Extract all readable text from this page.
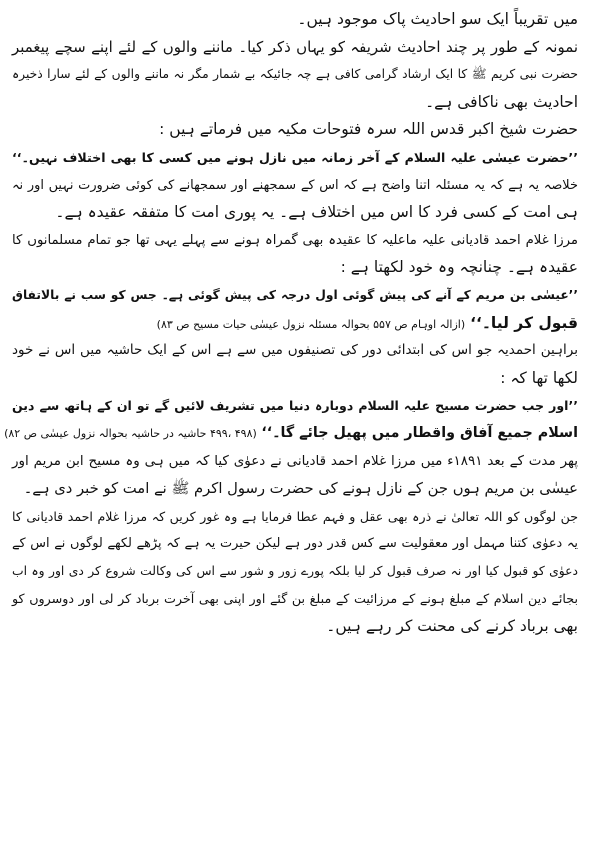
میں تقریباً ایک سو احادیث پاک موجود ہیں۔
نمونہ کے طور پر چند احادیث شریفہ کو یہاں ذکر کیا۔ ماننے والوں کے لئے اپنے سچے پیغمبر
حضرت نبی کریم ﷺ کا ایک ارشاد گرامی کافی ہے چہ جائیکہ بے شمار مگر نہ ماننے والوں کے لئے سارا ذخیرہ
احادیث بھی ناکافی ہے۔
حضرت شیخ اکبر قدس اللہ سرہ فتوحات مکیہ میں فرماتے ہیں :
’’حضرت عیسٰی علیہ السلام کے آخر زمانہ میں نازل ہونے میں کسی کا بھی اختلاف نہیں۔‘‘
خلاصہ یہ ہے کہ یہ مسئلہ اتنا واضح ہے کہ اس کے سمجھنے اور سمجھانے کی کوئی ضرورت نہیں اور نہ
ہی امت کے کسی فرد کا اس میں اختلاف ہے۔ یہ پوری امت کا متفقہ عقیدہ ہے۔
مرزا غلام احمد قادیانی علیہ ماعلیہ کا عقیدہ بھی گمراہ ہونے سے پہلے یہی تھا جو تمام مسلمانوں کا
عقیدہ ہے۔ چنانچہ وہ خود لکھتا ہے :
’’عیسٰی بن مریم کے آنے کی پیش گوئی اول درجہ کی پیش گوئی ہے۔ جس کو سب نے بالاتفاق
قبول کر لیا۔‘‘ (ازالہ اوہام ص ۵۵۷ بحوالہ مسئلہ نزول عیسٰی حیات مسیح ص ۸۳)
براہین احمدیہ جو اس کی ابتدائی دور کی تصنیفوں میں سے ہے اس کے ایک حاشیہ میں اس نے خود
لکھا تھا کہ :
’’اور جب حضرت مسیح علیہ السلام دوبارہ دنیا میں تشریف لائیں گے تو ان کے ہاتھ سے دین
اسلام جمیع آفاق واقطار میں پھیل جائے گا۔‘‘ (۴۹۸ ،۴۹۹ حاشیہ در حاشیہ بحوالہ نزول عیسٰی ص ۸۲)
پھر مدت کے بعد ۱۸۹۱ء میں مرزا غلام احمد قادیانی نے دعوٰی کیا کہ میں ہی وہ مسیح ابن مریم اور
عیسٰی بن مریم ہوں جن کے نازل ہونے کی حضرت رسول اکرم ﷺ نے امت کو خبر دی ہے۔
جن لوگوں کو اللہ تعالیٰ نے ذرہ بھی عقل و فہم عطا فرمایا ہے وہ غور کریں کہ مرزا غلام احمد قادیانی کا
یہ دعوٰی کتنا مہمل اور معقولیت سے کس قدر دور ہے لیکن حیرت یہ ہے کہ پڑھے لکھے لوگوں نے اس کے
دعوٰی کو قبول کیا اور نہ صرف قبول کر لیا بلکہ پورے زور و شور سے اس کی وکالت شروع کر دی اور وہ اب
بجائے دین اسلام کے مبلغ ہونے کے مرزائیت کے مبلغ بن گئے اور اپنی بھی آخرت برباد کر لی اور دوسروں کو
بھی برباد کرنے کی محنت کر رہے ہیں۔
